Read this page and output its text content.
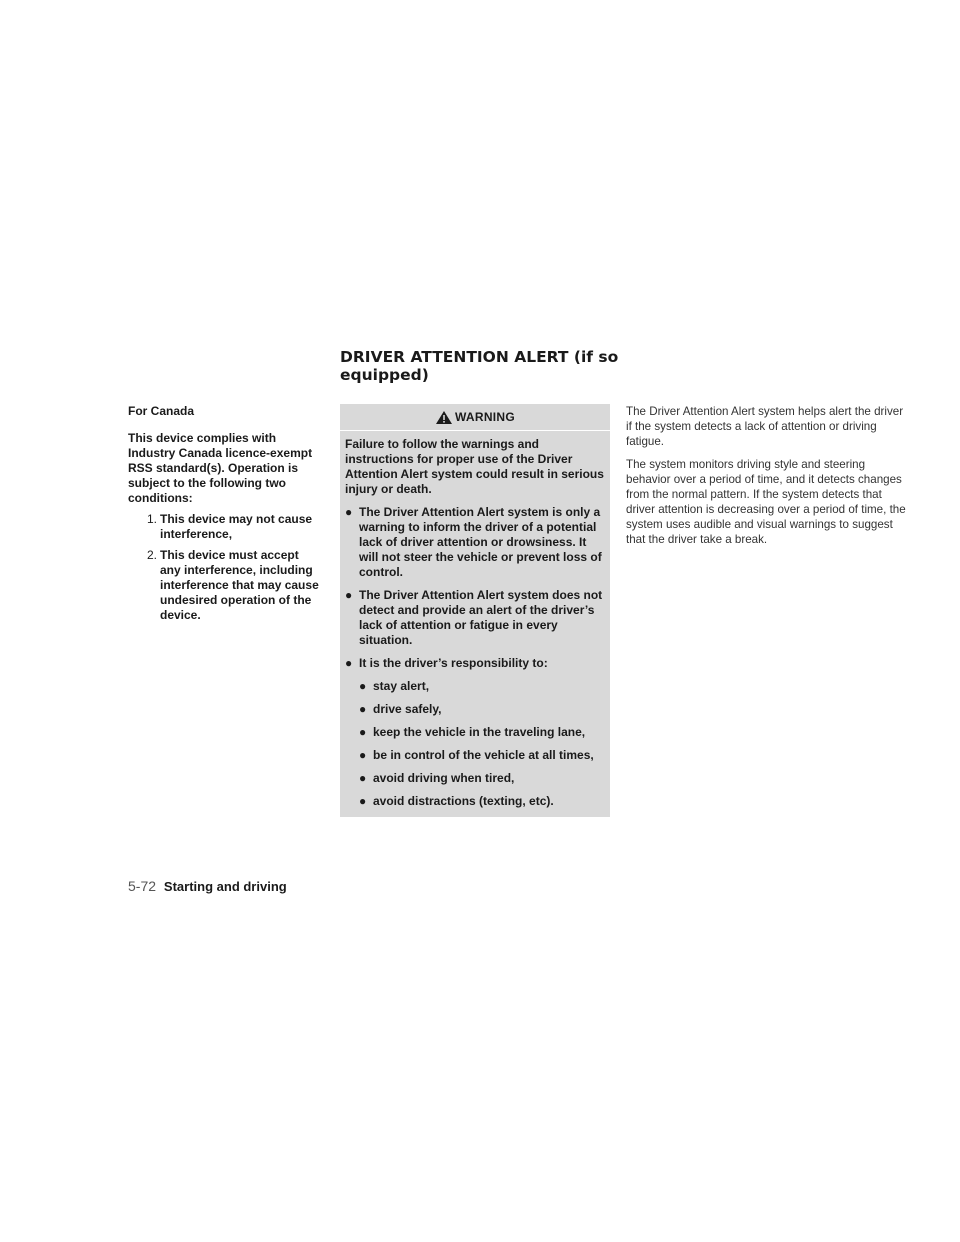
DRIVER ATTENTION ALERT (if so equipped)
For Canada
This device complies with Industry Canada licence-exempt RSS standard(s). Operation is subject to the following two conditions:
1. This device may not cause interference,
2. This device must accept any interference, including interference that may cause undesired operation of the device.
WARNING
Failure to follow the warnings and instructions for proper use of the Driver Attention Alert system could result in serious injury or death.
● The Driver Attention Alert system is only a warning to inform the driver of a potential lack of driver attention or drowsiness. It will not steer the vehicle or prevent loss of control.
● The Driver Attention Alert system does not detect and provide an alert of the driver’s lack of attention or fatigue in every situation.
● It is the driver’s responsibility to:
● stay alert,
● drive safely,
● keep the vehicle in the traveling lane,
● be in control of the vehicle at all times,
● avoid driving when tired,
● avoid distractions (texting, etc).
The Driver Attention Alert system helps alert the driver if the system detects a lack of attention or driving fatigue.
The system monitors driving style and steering behavior over a period of time, and it detects changes from the normal pattern. If the system detects that driver attention is decreasing over a period of time, the system uses audible and visual warnings to suggest that the driver take a break.
5-72 Starting and driving
